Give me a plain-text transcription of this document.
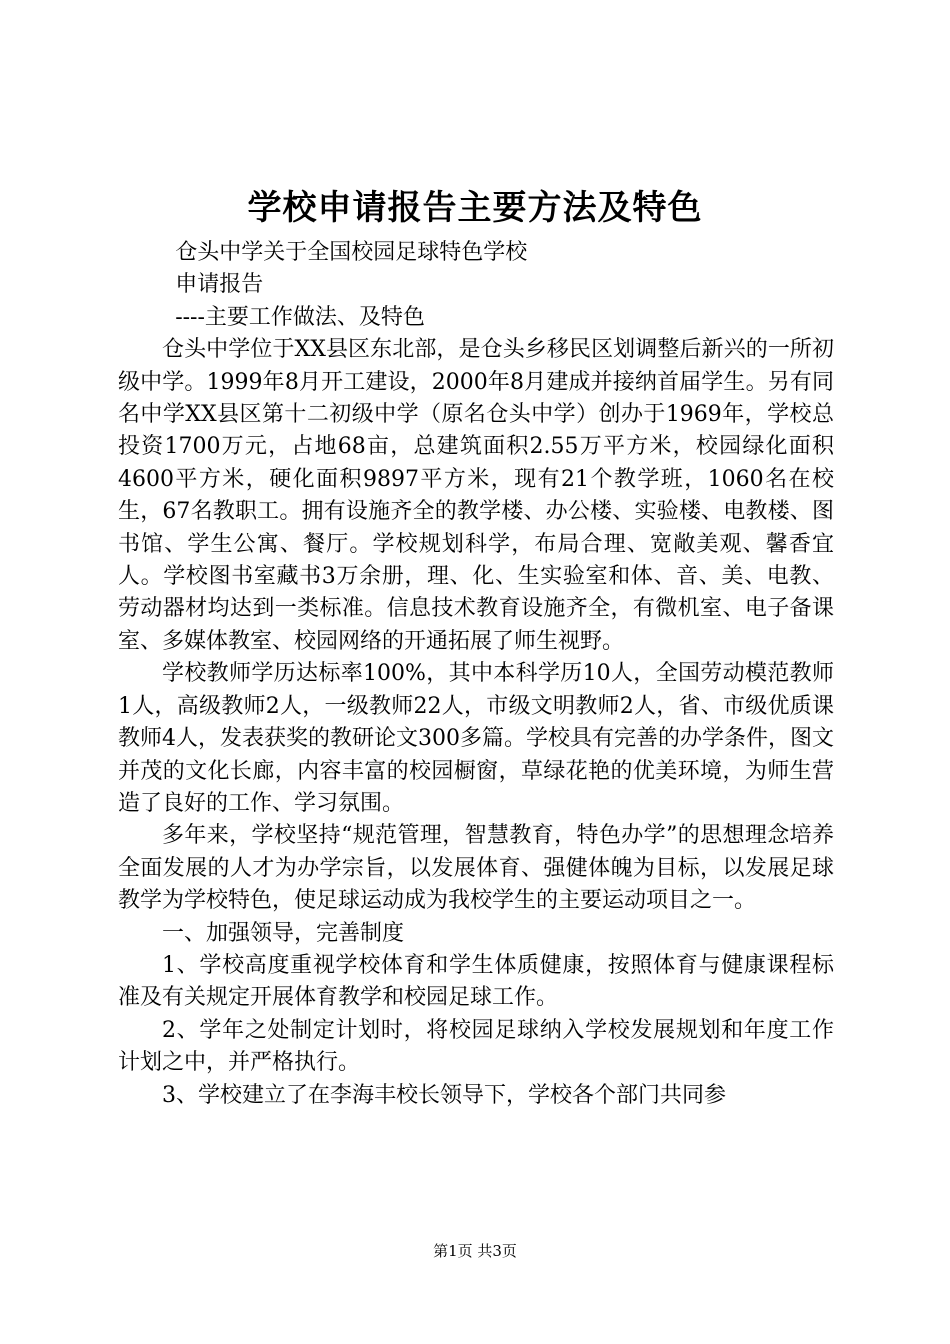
学校申请报告主要方法及特色

仓头中学关于全国校园足球特色学校

申请报告

----主要工作做法、及特色

仓头中学位于XX县区东北部，是仓头乡移民区划调整后新兴的一所初级中学。1999年8月开工建设，2000年8月建成并接纳首届学生。另有同名中学XX县区第十二初级中学（原名仓头中学）创办于1969年，学校总投资1700万元，占地68亩，总建筑面积2.55万平方米，校园绿化面积4600平方米，硬化面积9897平方米，现有21个教学班，1060名在校生，67名教职工。拥有设施齐全的教学楼、办公楼、实验楼、电教楼、图书馆、学生公寓、餐厅。学校规划科学，布局合理、宽敞美观、馨香宜人。学校图书室藏书3万余册，理、化、生实验室和体、音、美、电教、劳动器材均达到一类标准。信息技术教育设施齐全，有微机室、电子备课室、多媒体教室、校园网络的开通拓展了师生视野。

学校教师学历达标率100%，其中本科学历10人，全国劳动模范教师1人，高级教师2人，一级教师22人，市级文明教师2人，省、市级优质课教师4人，发表获奖的教研论文300多篇。学校具有完善的办学条件，图文并茂的文化长廊，内容丰富的校园橱窗，草绿花艳的优美环境，为师生营造了良好的工作、学习氛围。

多年来，学校坚持“规范管理，智慧教育，特色办学”的思想理念培养全面发展的人才为办学宗旨，以发展体育、强健体魄为目标，以发展足球教学为学校特色，使足球运动成为我校学生的主要运动项目之一。

一、加强领导，完善制度

1、学校高度重视学校体育和学生体质健康，按照体育与健康课程标准及有关规定开展体育教学和校园足球工作。

2、学年之处制定计划时，将校园足球纳入学校发展规划和年度工作计划之中，并严格执行。

3、学校建立了在李海丰校长领导下，学校各个部门共同参

第1页 共3页
